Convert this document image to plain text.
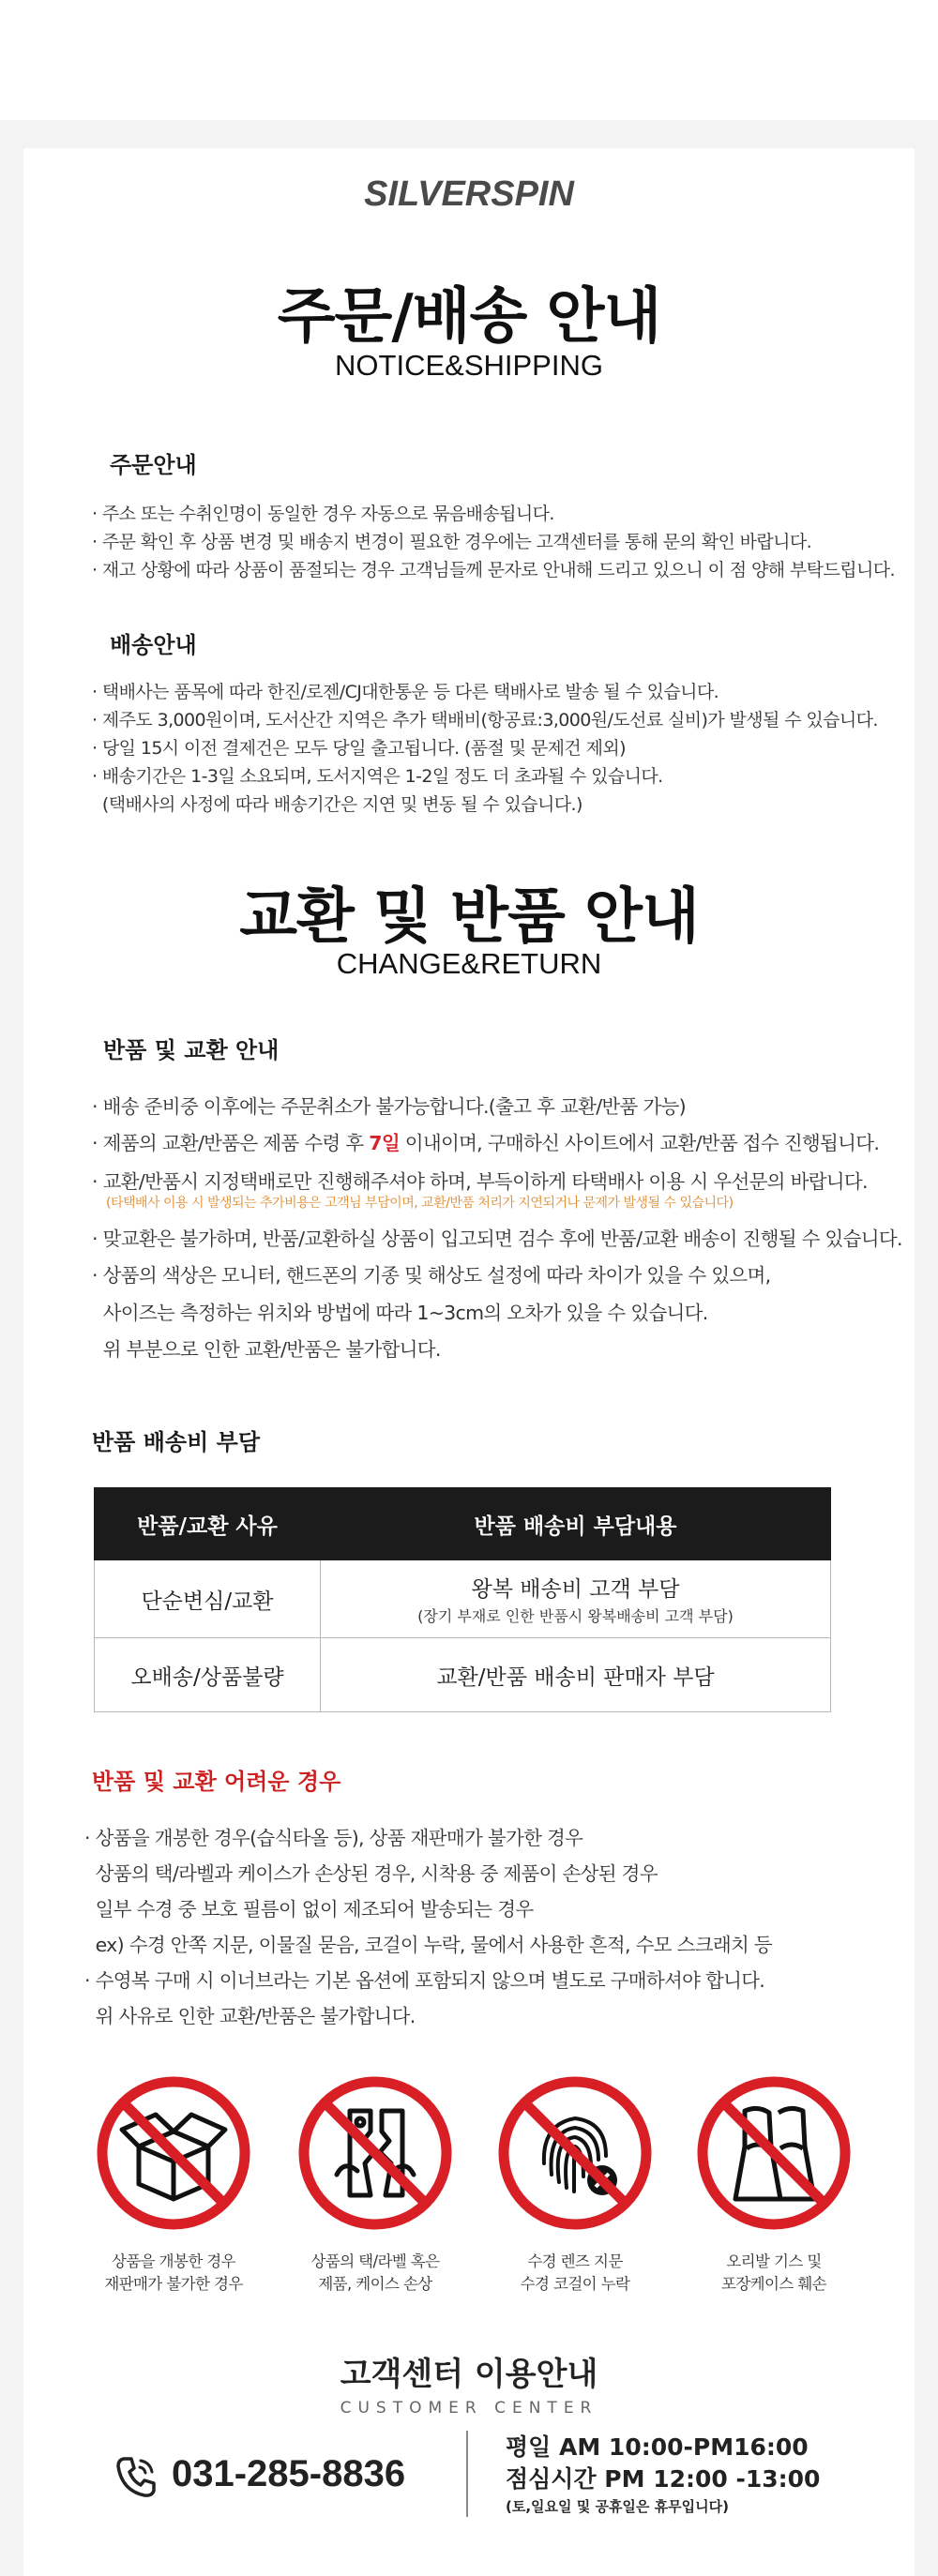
SILVERSPIN
주문/배송 안내
NOTICE&SHIPPING
주문안내
· 주소 또는 수취인명이 동일한 경우 자동으로 묶음배송됩니다.
· 주문 확인 후 상품 변경 및 배송지 변경이 필요한 경우에는 고객센터를 통해 문의 확인 바랍니다.
· 재고 상황에 따라 상품이 품절되는 경우 고객님들께 문자로 안내해 드리고 있으니 이 점 양해 부탁드립니다.
배송안내
· 택배사는 품목에 따라 한진/로젠/CJ대한통운 등 다른 택배사로 발송 될 수 있습니다.
· 제주도 3,000원이며, 도서산간 지역은 추가 택배비(항공료:3,000원/도선료 실비)가 발생될 수 있습니다.
· 당일 15시 이전 결제건은 모두 당일 출고됩니다. (품절 및 문제건 제외)
· 배송기간은 1-3일 소요되며, 도서지역은 1-2일 정도 더 초과될 수 있습니다.
(택배사의 사정에 따라 배송기간은 지연 및 변동 될 수 있습니다.)
교환 및 반품 안내
CHANGE&RETURN
반품 및 교환 안내
· 배송 준비중 이후에는 주문취소가 불가능합니다.(출고 후 교환/반품 가능)
· 제품의 교환/반품은 제품 수령 후 7일 이내이며, 구매하신 사이트에서 교환/반품 접수 진행됩니다.
· 교환/반품시 지정택배로만 진행해주셔야 하며, 부득이하게 타택배사 이용 시 우선문의 바랍니다.
(타택배사 이용 시 발생되는 추가비용은 고객님 부담이며, 교환/반품 처리가 지연되거나 문제가 발생될 수 있습니다)
· 맞교환은 불가하며, 반품/교환하실 상품이 입고되면 검수 후에 반품/교환 배송이 진행될 수 있습니다.
· 상품의 색상은 모니터, 핸드폰의 기종 및 해상도 설정에 따라 차이가 있을 수 있으며,
사이즈는 측정하는 위치와 방법에 따라 1~3cm의 오차가 있을 수 있습니다.
위 부분으로 인한 교환/반품은 불가합니다.
반품 배송비 부담
반품/교환 사유	반품 배송비 부담내용
단순변심/교환	왕복 배송비 고객 부담
(장기 부재로 인한 반품시 왕복배송비 고객 부담)

오배송/상품불량	교환/반품 배송비 판매자 부담
반품 및 교환 어려운 경우
· 상품을 개봉한 경우(습식타올 등), 상품 재판매가 불가한 경우
상품의 택/라벨과 케이스가 손상된 경우, 시착용 중 제품이 손상된 경우
일부 수경 중 보호 필름이 없이 제조되어 발송되는 경우
ex) 수경 안쪽 지문, 이물질 묻음, 코걸이 누락, 물에서 사용한 흔적, 수모 스크래치 등
· 수영복 구매 시 이너브라는 기본 옵션에 포함되지 않으며 별도로 구매하셔야 합니다.
위 사유로 인한 교환/반품은 불가합니다.
상품을 개봉한 경우
재판매가 불가한 경우
상품의 택/라벨 혹은
제품, 케이스 손상
수경 렌즈 지문
수경 코걸이 누락
오리발 기스 및
포장케이스 훼손
고객센터 이용안내
CUSTOMER CENTER
031-285-8836
평일 AM 10:00-PM16:00
점심시간 PM 12:00 -13:00
(토,일요일 및 공휴일은 휴무입니다)
